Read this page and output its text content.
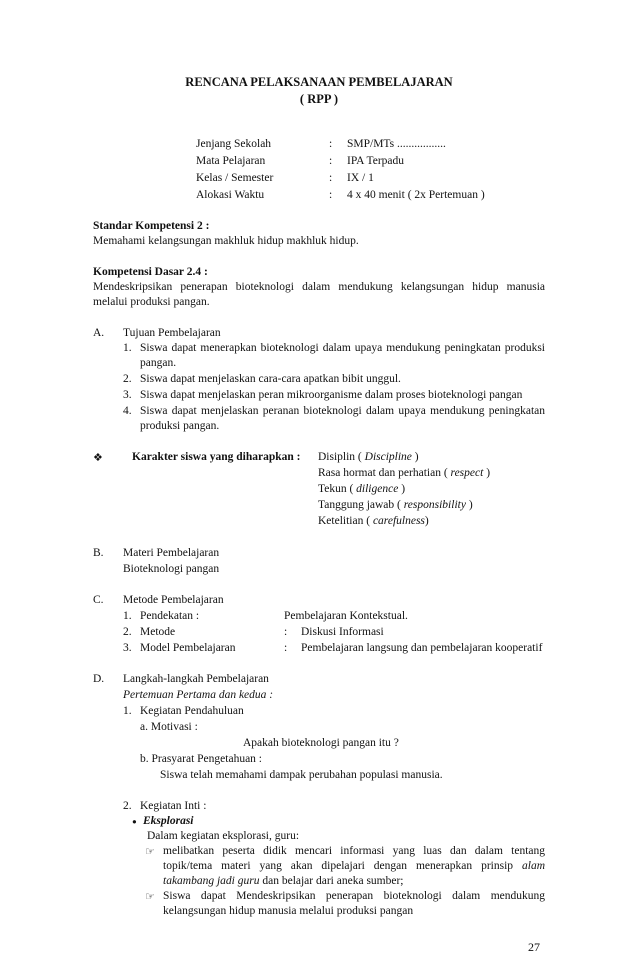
RENCANA PELAKSANAAN PEMBELAJARAN
( RPP )
Jenjang Sekolah	: SMP/MTs .................
Mata Pelajaran	: IPA Terpadu
Kelas / Semester	: IX / 1
Alokasi Waktu	: 4 x 40 menit ( 2x Pertemuan )
Standar Kompetensi 2 :
Memahami kelangsungan makhluk hidup makhluk hidup.
Kompetensi Dasar 2.4 :
Mendeskripsikan penerapan bioteknologi dalam mendukung kelangsungan hidup manusia
melalui produksi pangan.
A. Tujuan Pembelajaran
1. Siswa dapat menerapkan bioteknologi dalam upaya mendukung peningkatan produksi
pangan.
2. Siswa dapat menjelaskan cara-cara apatkan bibit unggul.
3. Siswa dapat menjelaskan peran mikroorganisme dalam proses bioteknologi pangan
4. Siswa dapat menjelaskan peranan bioteknologi dalam upaya mendukung peningkatan
produksi pangan.
❖	Karakter siswa yang diharapkan : Disiplin ( Discipline )
Rasa hormat dan perhatian ( respect )
Tekun ( diligence )
Tanggung jawab ( responsibility )
Ketelitian ( carefulness)
B. Materi Pembelajaran
Bioteknologi pangan
C. Metode Pembelajaran
1. Pendekatan :	Pembelajaran Kontekstual.
2. Metode	: Diskusi Informasi
3. Model Pembelajaran	: Pembelajaran langsung dan pembelajaran kooperatif
D. Langkah-langkah Pembelajaran
Pertemuan Pertama dan kedua :
1. Kegiatan Pendahuluan
a. Motivasi :
Apakah bioteknologi pangan itu ?
b. Prasyarat Pengetahuan :
Siswa telah memahami dampak perubahan populasi manusia.
2. Kegiatan Inti :
• Eksplorasi
Dalam kegiatan eksplorasi, guru:
☞ melibatkan peserta didik mencari informasi yang luas dan dalam tentang
topik/tema materi yang akan dipelajari dengan menerapkan prinsip alam
takambang jadi guru dan belajar dari aneka sumber;
☞ Siswa dapat Mendeskripsikan penerapan bioteknologi dalam mendukung
kelangsungan hidup manusia melalui produksi pangan
27
